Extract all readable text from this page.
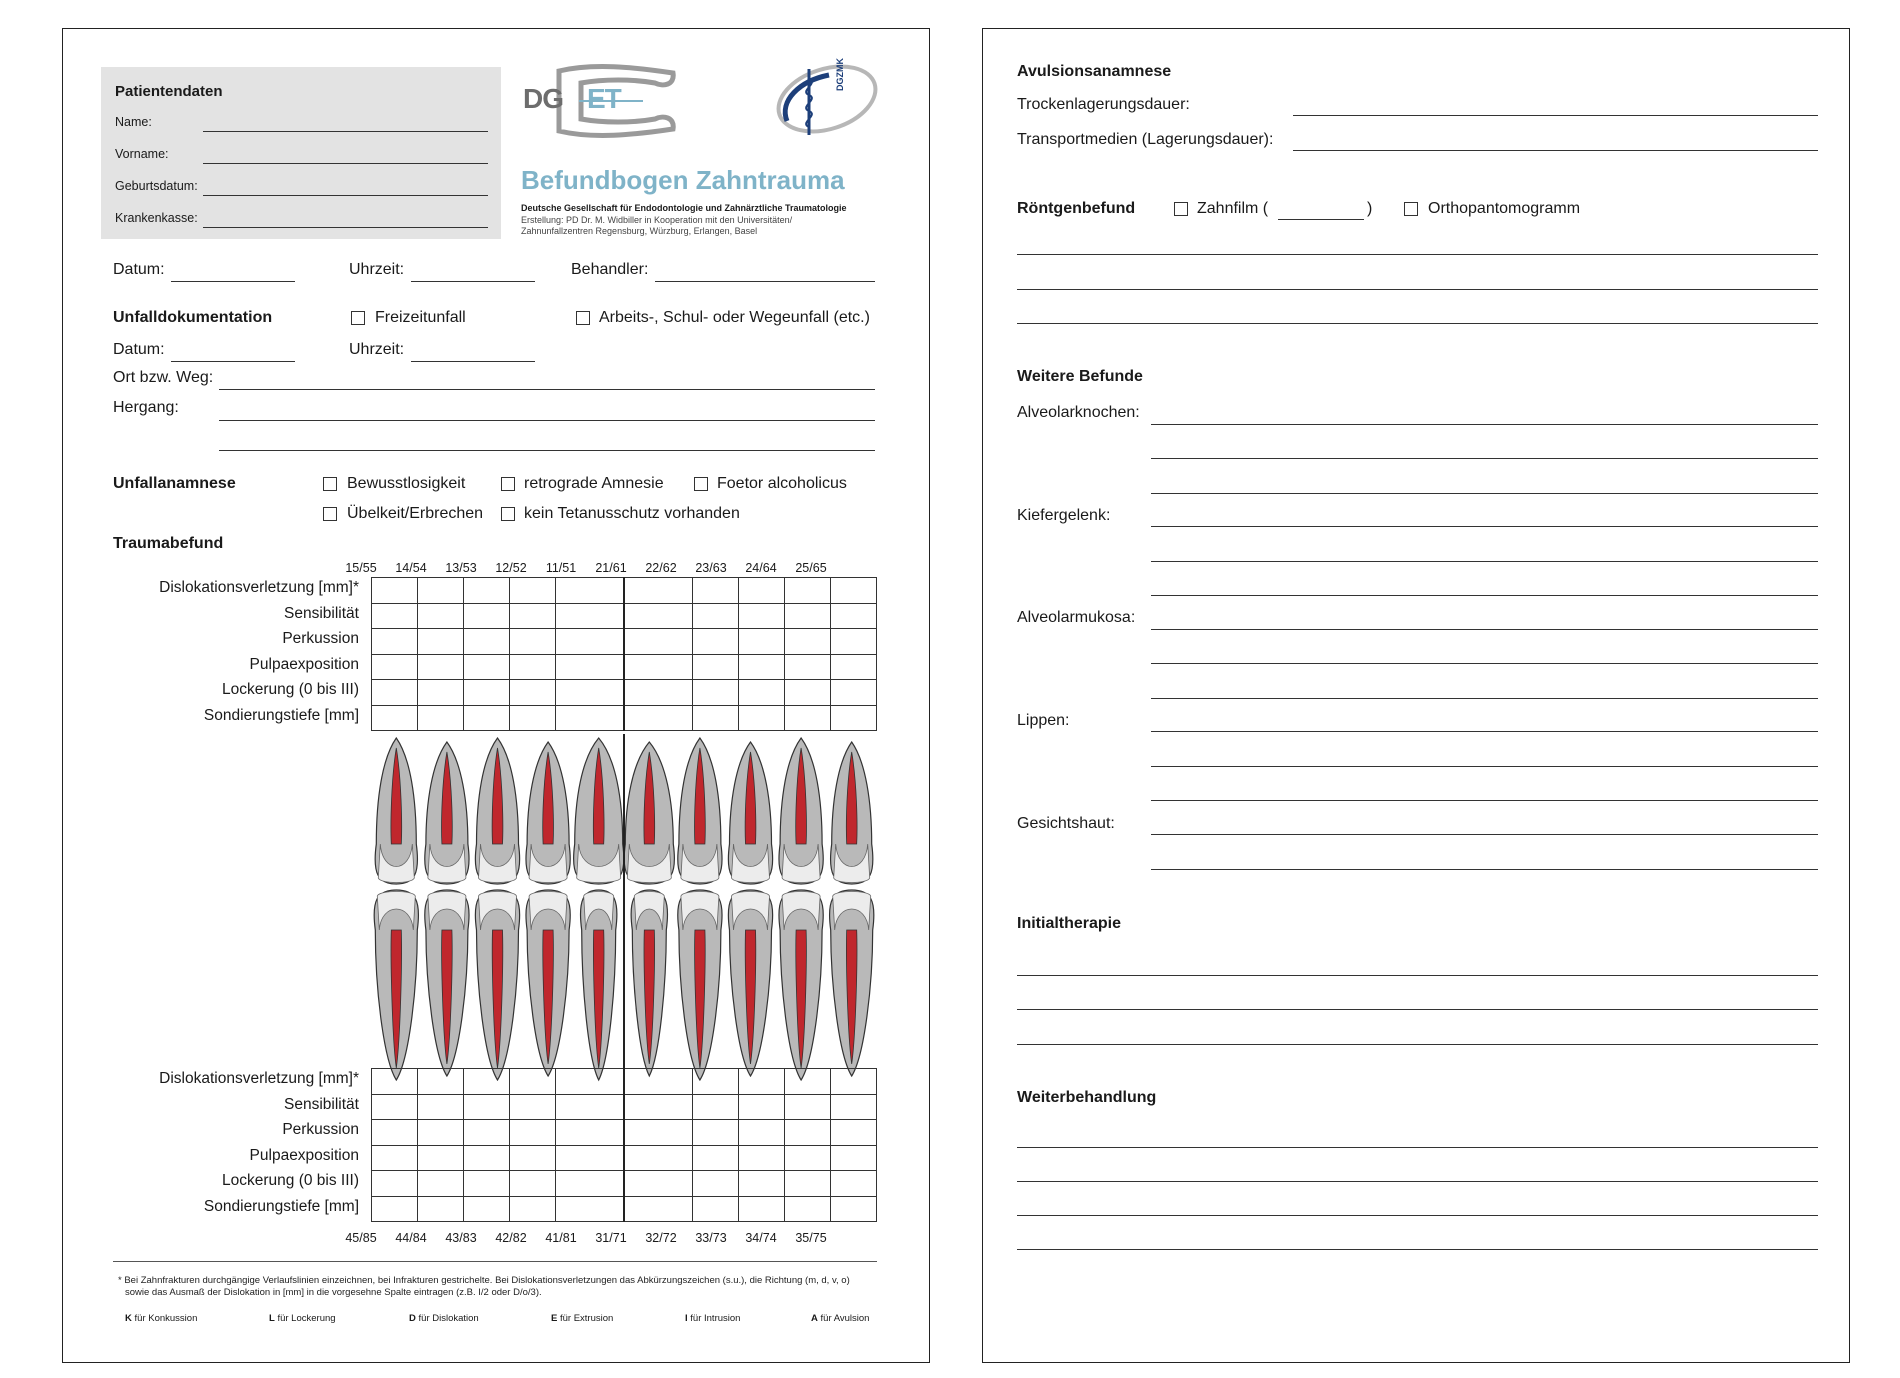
Patientendaten
Name:
Vorname:
Geburtsdatum:
Krankenkasse:
DG ET
DGZMK
Befundbogen Zahntrauma
Deutsche Gesellschaft für Endodontologie und Zahnärztliche Traumatologie
Erstellung: PD Dr. M. Widbiller in Kooperation mit den Universitäten/
Zahnunfallzentren Regensburg, Würzburg, Erlangen, Basel
Datum:	Uhrzeit:	Behandler:
Unfalldokumentation	Freizeitunfall	Arbeits-, Schul- oder Wegeunfall (etc.)
Datum:	Uhrzeit:
Ort bzw. Weg:
Hergang:
Unfallanamnese	Bewusstlosigkeit	retrograde Amnesie	Foetor alcoholicus
Übelkeit/Erbrechen	kein Tetanusschutz vorhanden
Traumabefund
15/55	14/54	13/53	12/52	11/51	21/61	22/62	23/63	24/64	25/65
Dislokationsverletzung [mm]*
Sensibilität
Perkussion
Pulpaexposition
Lockerung (0 bis III)
Sondierungstiefe [mm]

Dislokationsverletzung [mm]*
Sensibilität
Perkussion
Pulpaexposition
Lockerung (0 bis III)
Sondierungstiefe [mm]

45/85	44/84	43/83	42/82	41/81	31/71	32/72	33/73	34/74	35/75
* Bei Zahnfrakturen durchgängige Verlaufslinien einzeichnen, bei Infrakturen gestrichelte. Bei Dislokationsverletzungen das Abkürzungszeichen (s.u.), die Richtung (m, d, v, o)
sowie das Ausmaß der Dislokation in [mm] in die vorgesehne Spalte eintragen (z.B. I/2 oder D/o/3).
K für Konkussion	L für Lockerung	D für Dislokation	E für Extrusion	I für Intrusion	A für Avulsion
Avulsionsanamnese
Trockenlagerungsdauer:
Transportmedien (Lagerungsdauer):
Röntgenbefund	Zahnfilm (	)	Orthopantomogramm
Weitere Befunde
Alveolarknochen:
Kiefergelenk:
Alveolarmukosa:
Lippen:
Gesichtshaut:
Initialtherapie
Weiterbehandlung
